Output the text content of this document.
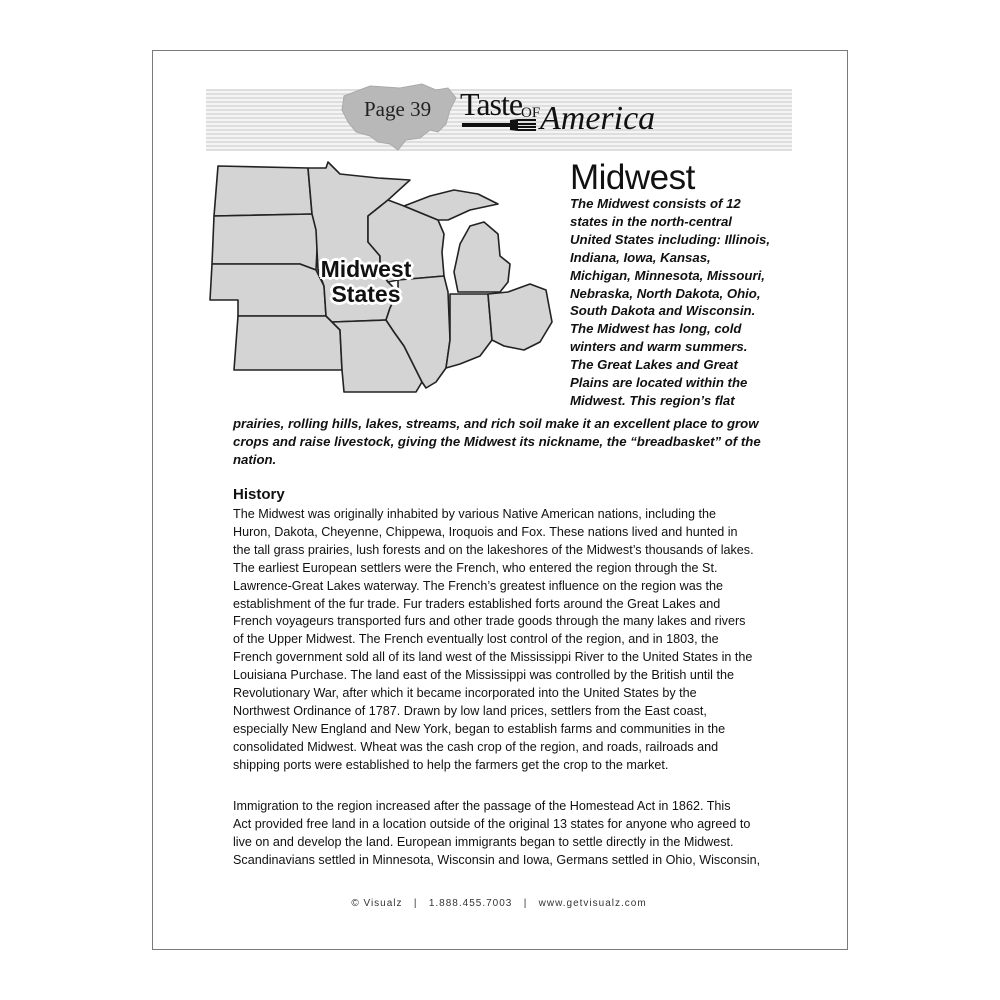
Page 39 Taste
OF America
Midwest
States
Midwest
The Midwest consists of 12
states in the north-central
United States including: Illinois,
Indiana, Iowa, Kansas,
Michigan, Minnesota, Missouri,
Nebraska, North Dakota, Ohio,
South Dakota and Wisconsin.
The Midwest has long, cold
winters and warm summers.
The Great Lakes and Great
Plains are located within the
Midwest. This region’s flat
prairies, rolling hills, lakes, streams, and rich soil make it an excellent place to grow
crops and raise livestock, giving the Midwest its nickname, the “breadbasket” of the
nation.
History
The Midwest was originally inhabited by various Native American nations, including the
Huron, Dakota, Cheyenne, Chippewa, Iroquois and Fox. These nations lived and hunted in
the tall grass prairies, lush forests and on the lakeshores of the Midwest’s thousands of lakes.
The earliest European settlers were the French, who entered the region through the St.
Lawrence-Great Lakes waterway. The French’s greatest influence on the region was the
establishment of the fur trade. Fur traders established forts around the Great Lakes and
French voyageurs transported furs and other trade goods through the many lakes and rivers
of the Upper Midwest. The French eventually lost control of the region, and in 1803, the
French government sold all of its land west of the Mississippi River to the United States in the
Louisiana Purchase. The land east of the Mississippi was controlled by the British until the
Revolutionary War, after which it became incorporated into the United States by the
Northwest Ordinance of 1787. Drawn by low land prices, settlers from the East coast,
especially New England and New York, began to establish farms and communities in the
consolidated Midwest. Wheat was the cash crop of the region, and roads, railroads and
shipping ports were established to help the farmers get the crop to the market.
Immigration to the region increased after the passage of the Homestead Act in 1862. This
Act provided free land in a location outside of the original 13 states for anyone who agreed to
live on and develop the land. European immigrants began to settle directly in the Midwest.
Scandinavians settled in Minnesota, Wisconsin and Iowa, Germans settled in Ohio, Wisconsin,
© Visualz | 1.888.455.7003 | www.getvisualz.com
